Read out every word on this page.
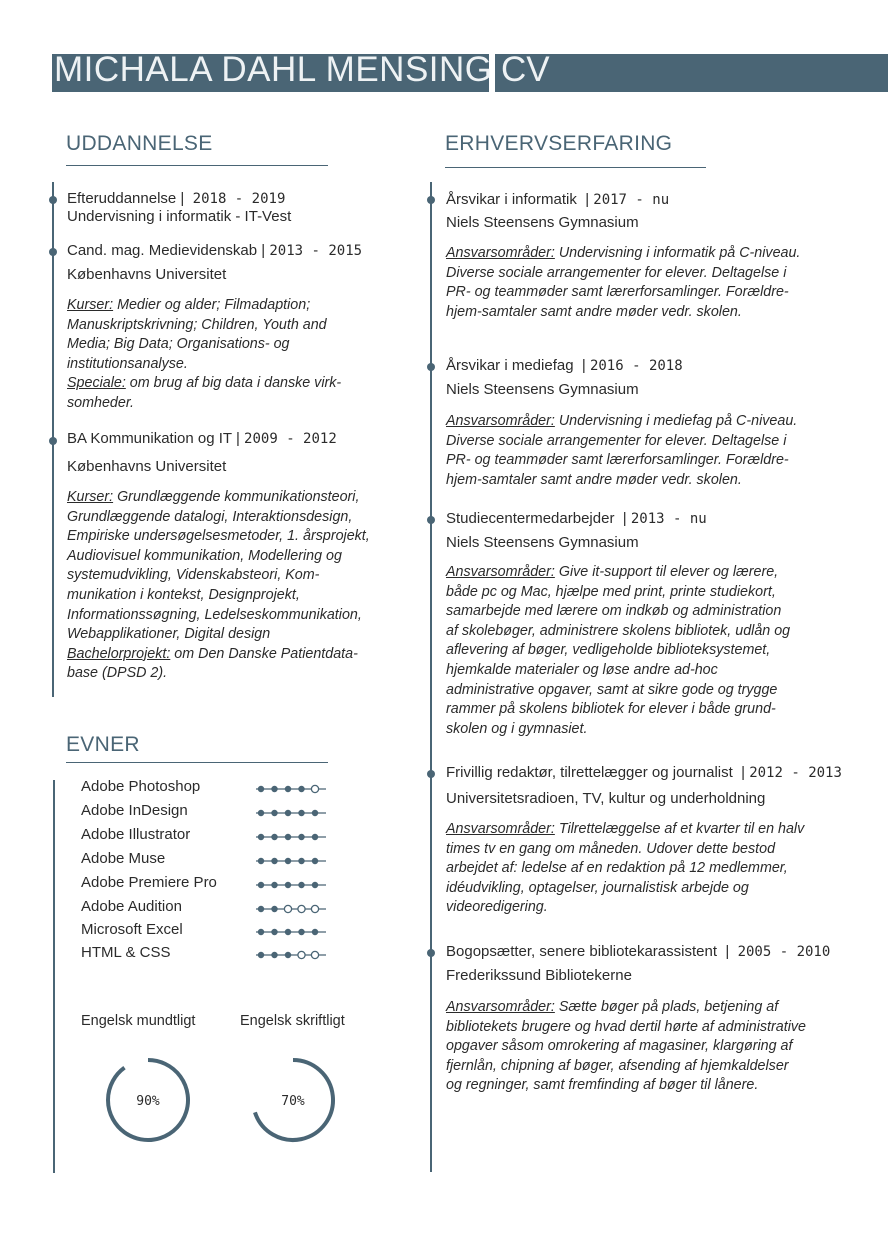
MICHALA DAHL MENSING CV
UDDANNELSE
Efteruddannelse |  2018 - 2019
Undervisning i informatik - IT-Vest
Cand. mag. Medievidenskab | 2013 - 2015
Københavns Universitet
Kurser: Medier og alder; Filmadaption;
Manuskriptskrivning; Children, Youth and
Media; Big Data; Organisations- og
institutionsanalyse.
Speciale: om brug af big data i danske virk-
somheder.
BA Kommunikation og IT | 2009 - 2012
Københavns Universitet
Kurser: Grundlæggende kommunikationsteori,
Grundlæggende datalogi, Interaktionsdesign,
Empiriske undersøgelsesmetoder, 1. årsprojekt,
Audiovisuel kommunikation, Modellering og
systemudvikling, Videnskabsteori, Kom-
munikation i kontekst, Designprojekt,
Informationssøgning, Ledelseskommunikation,
Webapplikationer, Digital design
Bachelorprojekt: om Den Danske Patientdata-
base (DPSD 2).
EVNER
Adobe Photoshop
Adobe InDesign
Adobe Illustrator
Adobe Muse
Adobe Premiere Pro
Adobe Audition
Microsoft Excel
HTML & CSS
Engelsk mundtligt	Engelsk skriftligt
90%	70%
ERHVERVSERFARING
Årsvikar i informatik  | 2017 - nu
Niels Steensens Gymnasium
Ansvarsområder: Undervisning i informatik på C-niveau.
Diverse sociale arrangementer for elever. Deltagelse i
PR- og teammøder samt lærerforsamlinger. Forældre-
hjem-samtaler samt andre møder vedr. skolen.
Årsvikar i mediefag  | 2016 - 2018
Niels Steensens Gymnasium
Ansvarsområder: Undervisning i mediefag på C-niveau.
Diverse sociale arrangementer for elever. Deltagelse i
PR- og teammøder samt lærerforsamlinger. Forældre-
hjem-samtaler samt andre møder vedr. skolen.
Studiecentermedarbejder  | 2013 - nu
Niels Steensens Gymnasium
Ansvarsområder: Give it-support til elever og lærere,
både pc og Mac, hjælpe med print, printe studiekort,
samarbejde med lærere om indkøb og administration
af skolebøger, administrere skolens bibliotek, udlån og
aflevering af bøger, vedligeholde biblioteksystemet,
hjemkalde materialer og løse andre ad-hoc
administrative opgaver, samt at sikre gode og trygge
rammer på skolens bibliotek for elever i både grund-
skolen og i gymnasiet.
Frivillig redaktør, tilrettelægger og journalist  | 2012 - 2013
Universitetsradioen, TV, kultur og underholdning
Ansvarsområder: Tilrettelæggelse af et kvarter til en halv
times tv en gang om måneden. Udover dette bestod
arbejdet af: ledelse af en redaktion på 12 medlemmer,
idéudvikling, optagelser, journalistisk arbejde og
videoredigering.
Bogopsætter, senere bibliotekarassistent  |  2005 - 2010
Frederikssund Bibliotekerne
Ansvarsområder: Sætte bøger på plads, betjening af
bibliotekets brugere og hvad dertil hørte af administrative
opgaver såsom omrokering af magasiner, klargøring af
fjernlån, chipning af bøger, afsending af hjemkaldelser
og regninger, samt fremfinding af bøger til lånere.
